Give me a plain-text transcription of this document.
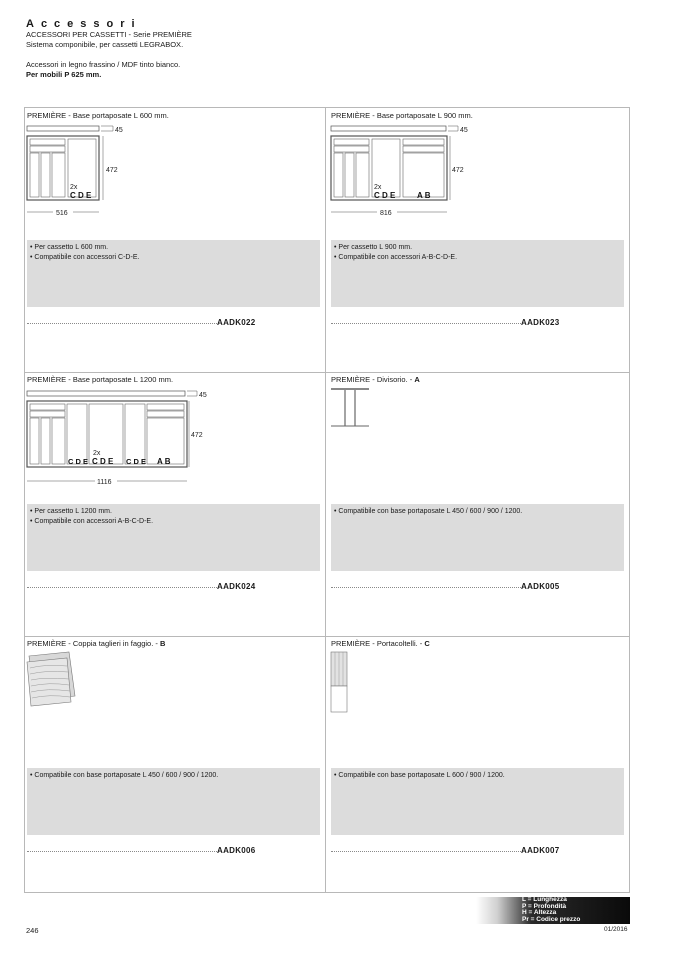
Accessori
ACCESSORI PER CASSETTI - Serie PREMIÈRE
Sistema componibile, per cassetti LEGRABOX.
Accessori in legno frassino / MDF tinto bianco.
Per mobili P 625 mm.
PREMIÈRE - Base portaposate L 600 mm.
45
2x
C D E
472
516
• Per cassetto L 600 mm.
• Compatibile con accessori C-D-E.
AADK022
PREMIÈRE - Base portaposate L 900 mm.
45
2x
C D E	A B
472
816
• Per cassetto L 900 mm.
• Compatibile con accessori A-B-C-D-E.
AADK023
PREMIÈRE - Base portaposate L 1200 mm.
45
2x
C D E C D E C D E A B
472
1116
• Per cassetto L 1200 mm.
• Compatibile con accessori A-B-C-D-E.
AADK024
PREMIÈRE - Divisorio. - A
• Compatibile con base portaposate L 450 / 600 / 900 / 1200.
AADK005
PREMIÈRE - Coppia taglieri in faggio. - B
• Compatibile con base portaposate L 450 / 600 / 900 / 1200.
AADK006
PREMIÈRE - Portacoltelli. - C
• Compatibile con base portaposate L 600 / 900 / 1200.
AADK007
L = Lunghezza
P = Profondità
H = Altezza
Pr = Codice prezzo
246	01/2016
